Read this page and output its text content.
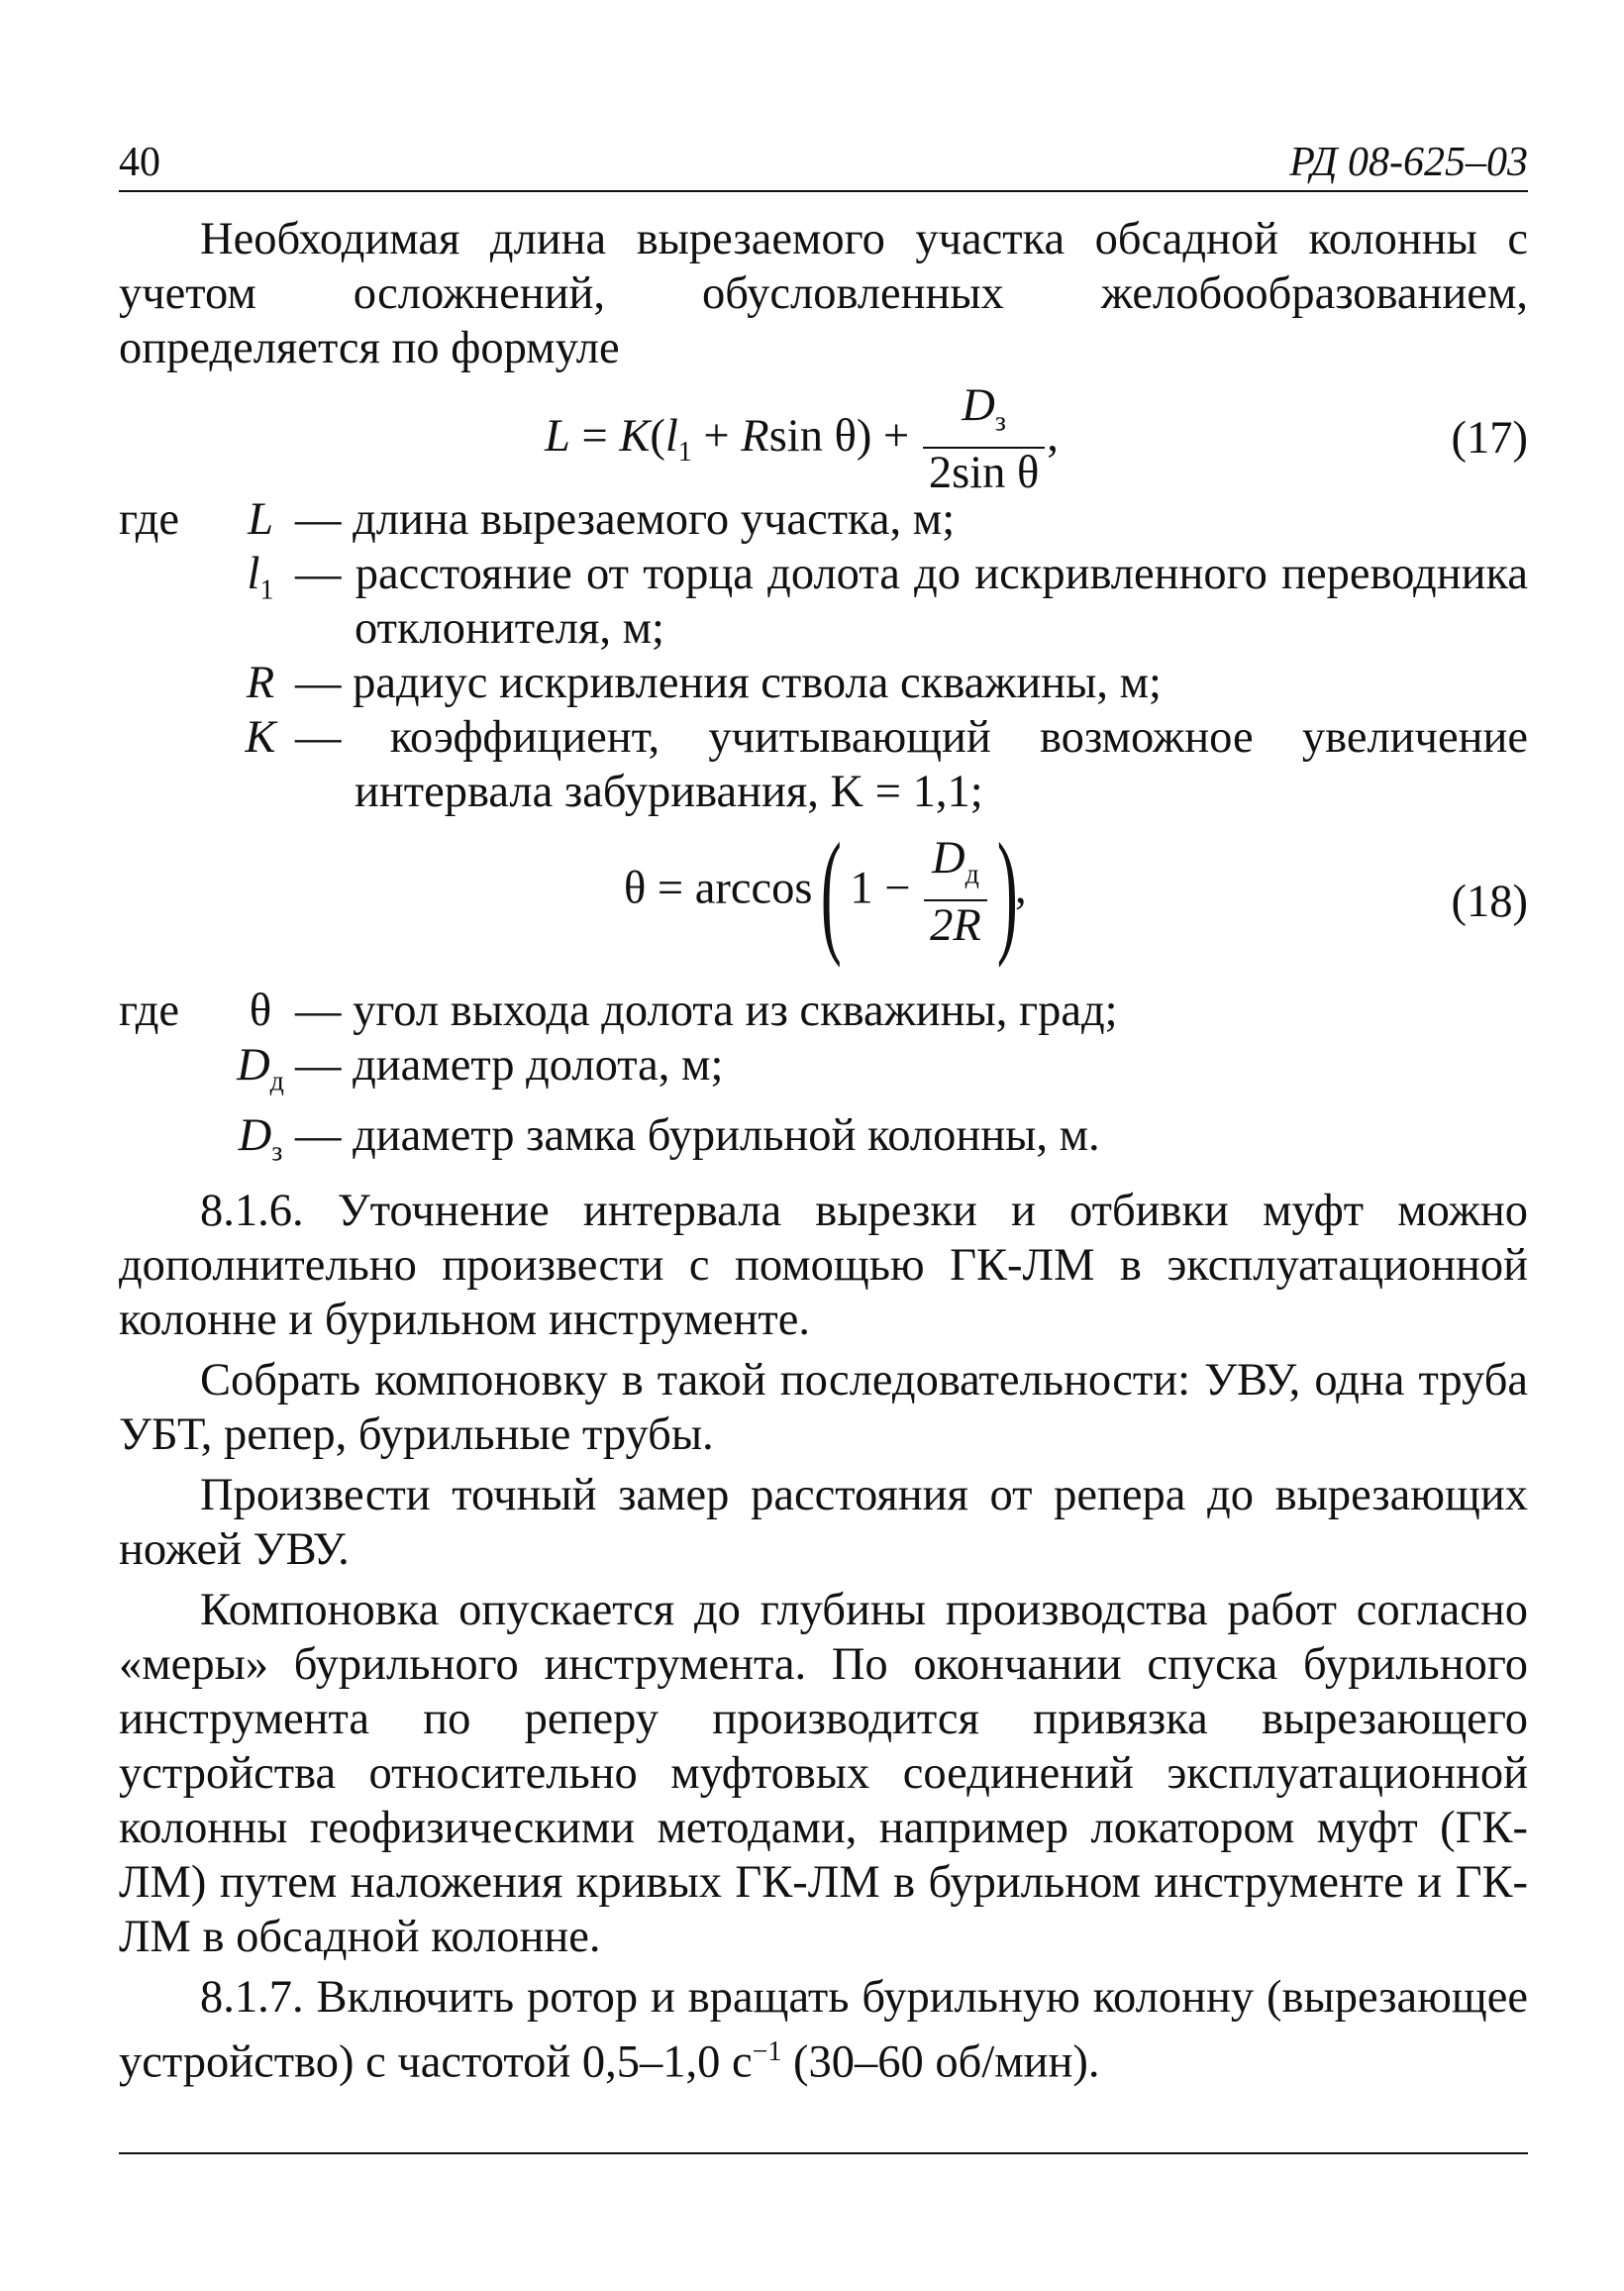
40	РД 08-625–03

Необходимая длина вырезаемого участка обсадной колонны с учетом осложнений, обусловленных желобообразованием, определяется по формуле

$L = K(l_1 + Rsin$ $\theta) + \frac{D_з}{\text{2sin θ}}$ ,	(17)
где	L — длина вырезаемого участка, м;
$l_1$ — расстояние от торца долота до искривленного переводника отклонителя, м;
R — радиус искривления ствола скважины, м;
K — коэффициент, учитывающий возможное увеличение интервала забуривания, K = 1,1;
θ = arccos ( $1 - \frac{D_д}{2R}$ ),	(18)
где	θ — угол выхода долота из скважины, град;
$D_д$ — диаметр долота, м;
$D_з$ — диаметр замка бурильной колонны, м.

8.1.6. Уточнение интервала вырезки и отбивки муфт можно дополнительно произвести с помощью ГК-ЛМ в эксплуатационной колонне и бурильном инструменте.

Собрать компоновку в такой последовательности: УВУ, одна труба УБТ, репер, бурильные трубы.

Произвести точный замер расстояния от репера до вырезающих ножей УВУ.

Компоновка опускается до глубины производства работ согласно «меры» бурильного инструмента. По окончании спуска бурильного инструмента по реперу производится привязка вырезающего устройства относительно муфтовых соединений эксплуатационной колонны геофизическими методами, например локатором муфт (ГК-ЛМ) путем наложения кривых ГК-ЛМ в бурильном инструменте и ГК-ЛМ в обсадной колонне.

8.1.7. Включить ротор и вращать бурильную колонну (вырезающее устройство) с частотой 0,5–1,0 $с^{-1}$ (30–60 об/мин).
